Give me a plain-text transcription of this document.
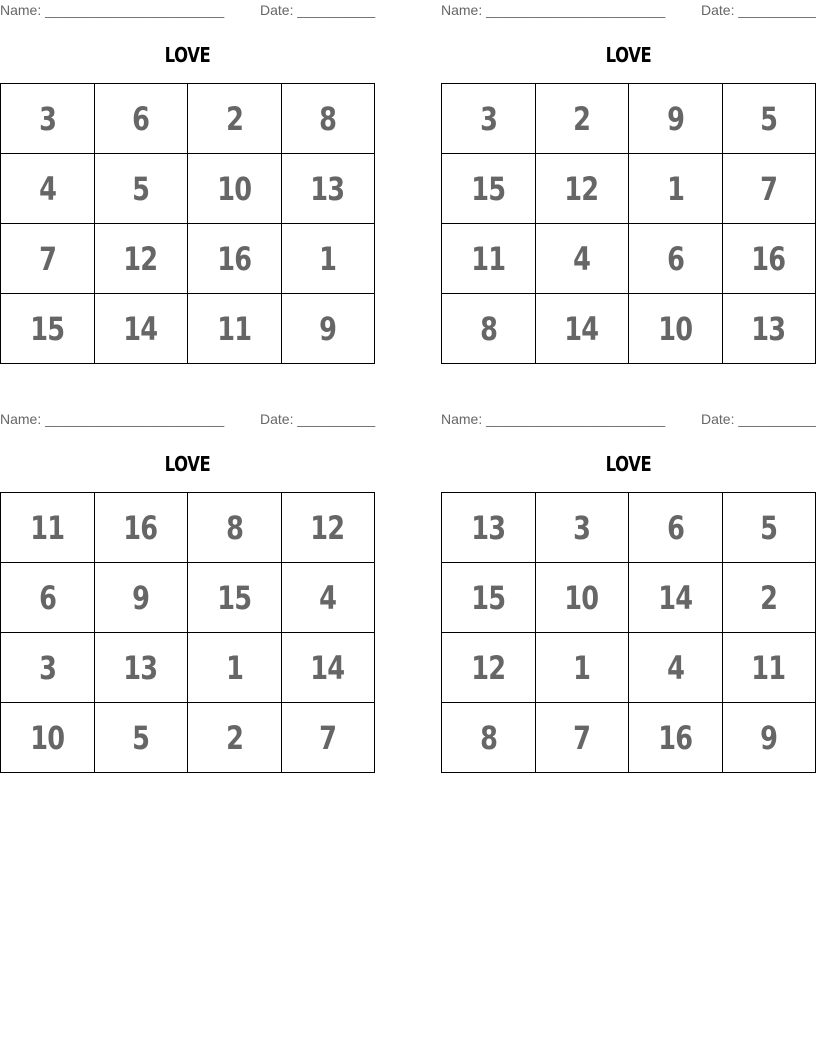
Name: _______________________	Date: __________
LOVE
3	6	2	8
4	5	10	13
7	12	16	1
15	14	11	9
Name: _______________________	Date: __________
LOVE
3	2	9	5
15	12	1	7
11	4	6	16
8	14	10	13
Name: _______________________	Date: __________
LOVE
11	16	8	12
6	9	15	4
3	13	1	14
10	5	2	7
Name: _______________________	Date: __________
LOVE
13	3	6	5
15	10	14	2
12	1	4	11
8	7	16	9
